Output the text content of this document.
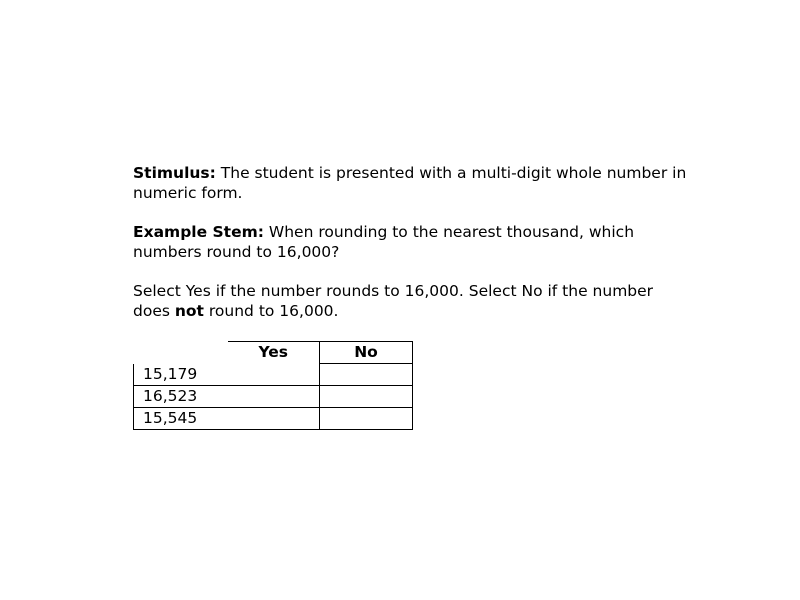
Stimulus: The student is presented with a multi-digit whole number in numeric form.

Example Stem: When rounding to the nearest thousand, which numbers round to 16,000?

Select Yes if the number rounds to 16,000. Select No if the number does not round to 16,000.

	Yes	No
15,179		
16,523		
15,545		
